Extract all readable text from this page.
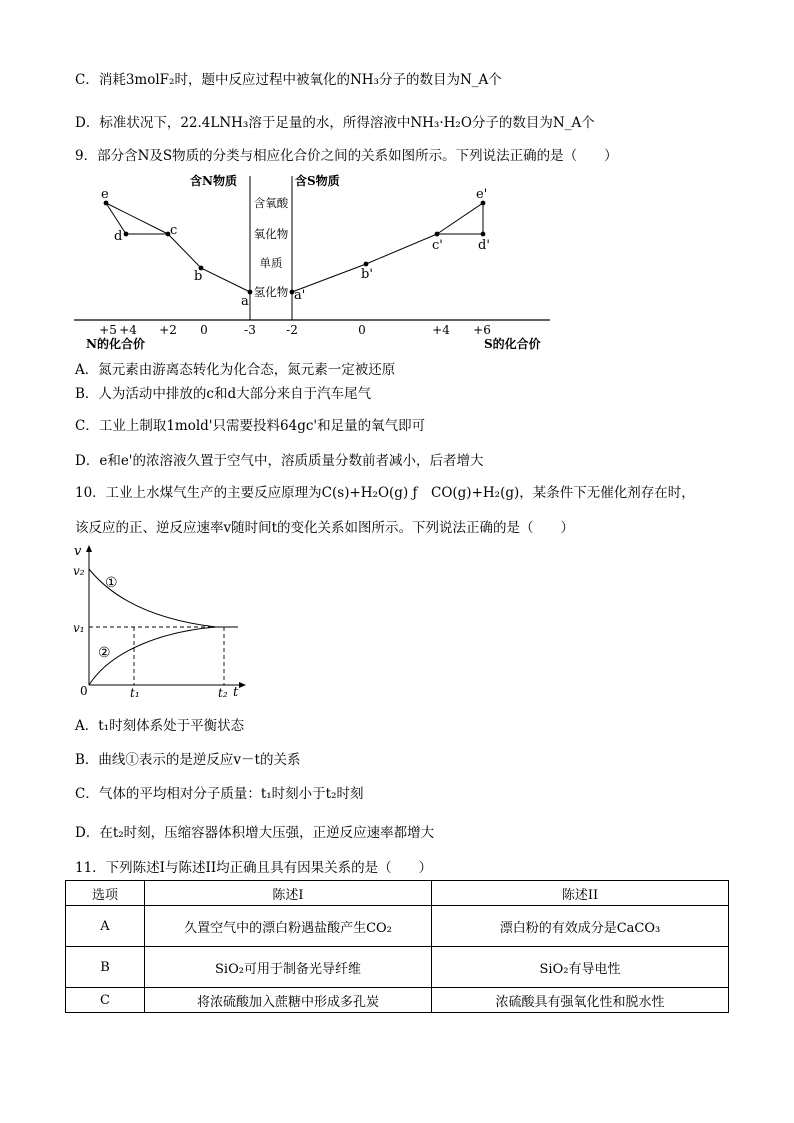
C．消耗3molF₂时，题中反应过程中被氧化的NH₃分子的数目为N_A个
D．标准状况下，22.4LNH₃溶于足量的水，所得溶液中NH₃·H₂O分子的数目为N_A个
9．部分含N及S物质的分类与相应化合价之间的关系如图所示。下列说法正确的是（　　）
含N物质	含S物质
含氧酸
氧化物
单质
氢化物
e
d	c
b
a	a'
b'
c'	d'
e'
+5 +4 +2 0	-3	-2	0	+4 +6
N的化合价	S的化合价
A．氮元素由游离态转化为化合态，氮元素一定被还原
B．人为活动中排放的c和d大部分来自于汽车尾气
C．工业上制取1mold'只需要投料64gc'和足量的氧气即可
D．e和e'的浓溶液久置于空气中，溶质质量分数前者减小，后者增大
10．工业上水煤气生产的主要反应原理为C(s)+H₂O(g) ƒ　CO(g)+H₂(g)，某条件下无催化剂存在时，
该反应的正、逆反应速率v随时间t的变化关系如图所示。下列说法正确的是（　　）
v
t
0
v₂
v₁
t₁	t₂
①
②
A．t₁时刻体系处于平衡状态
B．曲线①表示的是逆反应v－t的关系
C．气体的平均相对分子质量：t₁时刻小于t₂时刻
D．在t₂时刻，压缩容器体积增大压强，正逆反应速率都增大
11．下列陈述I与陈述II均正确且具有因果关系的是（　　）
选项	陈述I	陈述II
A	久置空气中的漂白粉遇盐酸产生CO₂	漂白粉的有效成分是CaCO₃
B	SiO₂可用于制备光导纤维	SiO₂有导电性
C	将浓硫酸加入蔗糖中形成多孔炭	浓硫酸具有强氧化性和脱水性
